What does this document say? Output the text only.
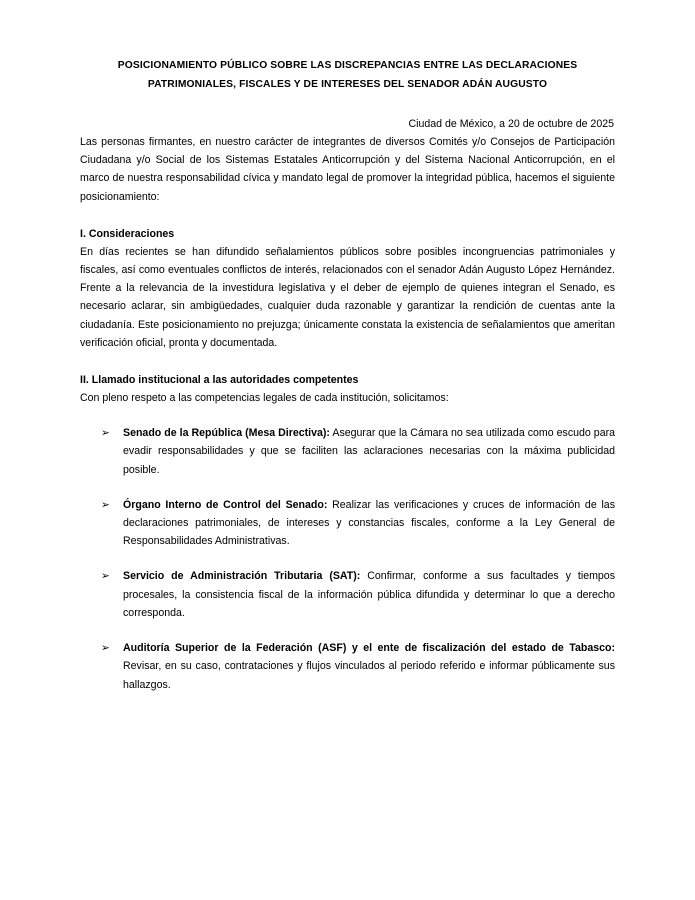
POSICIONAMIENTO PÚBLICO SOBRE LAS DISCREPANCIAS ENTRE LAS DECLARACIONES
PATRIMONIALES, FISCALES Y DE INTERESES DEL SENADOR ADÁN AUGUSTO
Ciudad de México, a 20 de octubre de 2025

Las personas firmantes, en nuestro carácter de integrantes de diversos Comités y/o Consejos de Participación Ciudadana y/o Social de los Sistemas Estatales Anticorrupción y del Sistema Nacional Anticorrupción, en el marco de nuestra responsabilidad cívica y mandato legal de promover la integridad pública, hacemos el siguiente posicionamiento:

I. Consideraciones

En días recientes se han difundido señalamientos públicos sobre posibles incongruencias patrimoniales y fiscales, así como eventuales conflictos de interés, relacionados con el senador Adán Augusto López Hernández. Frente a la relevancia de la investidura legislativa y el deber de ejemplo de quienes integran el Senado, es necesario aclarar, sin ambigüedades, cualquier duda razonable y garantizar la rendición de cuentas ante la ciudadanía. Este posicionamiento no prejuzga; únicamente constata la existencia de señalamientos que ameritan verificación oficial, pronta y documentada.

II. Llamado institucional a las autoridades competentes

Con pleno respeto a las competencias legales de cada institución, solicitamos:

➢ Senado de la República (Mesa Directiva): Asegurar que la Cámara no sea utilizada como escudo para evadir responsabilidades y que se faciliten las aclaraciones necesarias con la máxima publicidad posible.
➢ Órgano Interno de Control del Senado: Realizar las verificaciones y cruces de información de las declaraciones patrimoniales, de intereses y constancias fiscales, conforme a la Ley General de Responsabilidades Administrativas.
➢ Servicio de Administración Tributaria (SAT): Confirmar, conforme a sus facultades y tiempos procesales, la consistencia fiscal de la información pública difundida y determinar lo que a derecho corresponda.
➢ Auditoría Superior de la Federación (ASF) y el ente de fiscalización del estado de Tabasco: Revisar, en su caso, contrataciones y flujos vinculados al periodo referido e informar públicamente sus hallazgos.
